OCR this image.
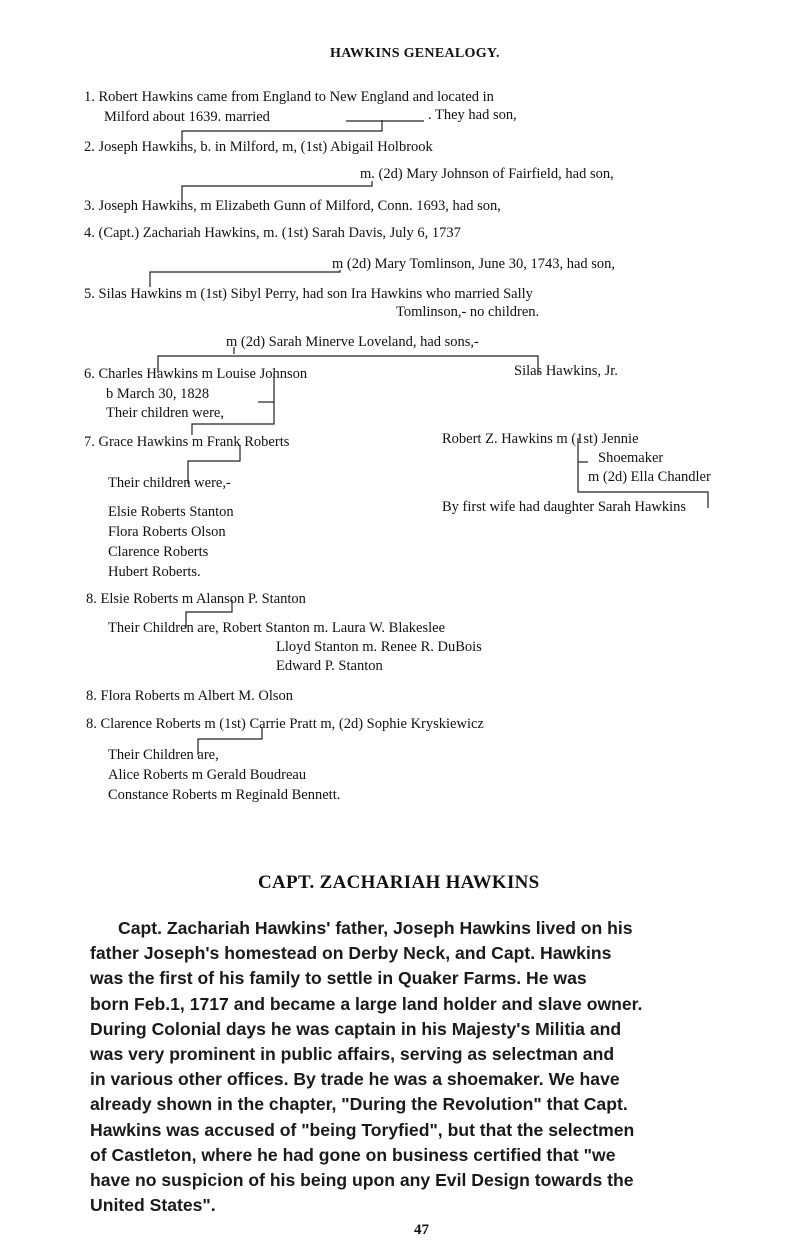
HAWKINS GENEALOGY.
1. Robert Hawkins came from England to New England and located in
Milford about 1639. married	. They had son,
2. Joseph Hawkins, b. in Milford, m, (1st) Abigail Holbrook
m. (2d) Mary Johnson of Fairfield, had son,
3. Joseph Hawkins, m Elizabeth Gunn of Milford, Conn. 1693, had son,
4. (Capt.) Zachariah Hawkins, m. (1st) Sarah Davis, July 6, 1737
m (2d) Mary Tomlinson, June 30, 1743, had son,
5. Silas Hawkins m (1st) Sibyl Perry, had son Ira Hawkins who married Sally
Tomlinson,- no children.
m (2d) Sarah Minerve Loveland, had sons,-
6. Charles Hawkins m Louise Johnson	Silas Hawkins, Jr.
b March 30, 1828
Their children were,
7. Grace Hawkins m Frank Roberts	Robert Z. Hawkins m (1st) Jennie
Shoemaker
m (2d) Ella Chandler
Their children were,-
By first wife had daughter Sarah Hawkins
Elsie Roberts Stanton
Flora Roberts Olson
Clarence Roberts
Hubert Roberts.
8. Elsie Roberts m Alanson P. Stanton
Their Children are, Robert Stanton m. Laura W. Blakeslee
Lloyd Stanton m. Renee R. DuBois
Edward P. Stanton
8. Flora Roberts m Albert M. Olson
8. Clarence Roberts m (1st) Carrie Pratt m, (2d) Sophie Kryskiewicz
Their Children are,
Alice Roberts m Gerald Boudreau
Constance Roberts m Reginald Bennett.
CAPT. ZACHARIAH HAWKINS
Capt. Zachariah Hawkins' father, Joseph Hawkins lived on his
father Joseph's homestead on Derby Neck, and Capt. Hawkins
was the first of his family to settle in Quaker Farms. He was
born Feb.1, 1717 and became a large land holder and slave owner.
During Colonial days he was captain in his Majesty's Militia and
was very prominent in public affairs, serving as selectman and
in various other offices. By trade he was a shoemaker. We have
already shown in the chapter, "During the Revolution" that Capt.
Hawkins was accused of "being Toryfied", but that the selectmen
of Castleton, where he had gone on business certified that "we
have no suspicion of his being upon any Evil Design towards the
United States".
47
